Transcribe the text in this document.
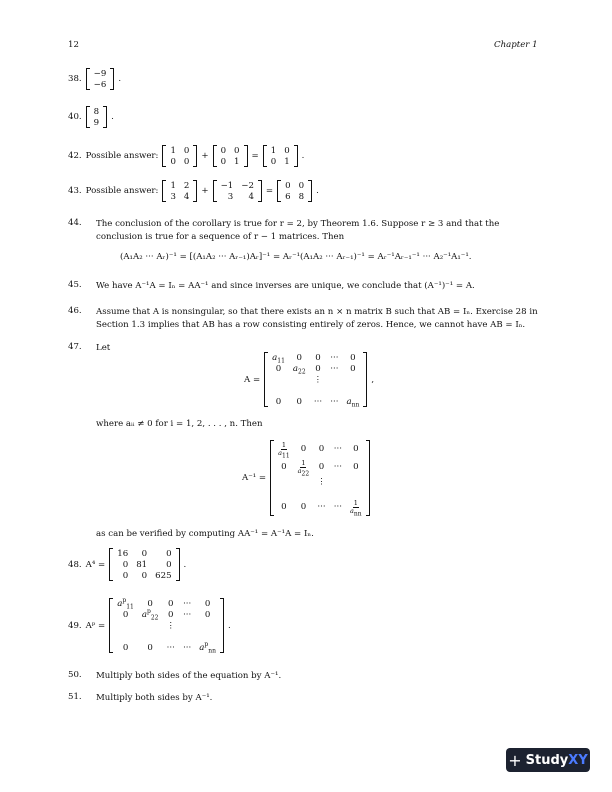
12	Chapter 1
38.
−9
−6
.
40.
8
9
.
42. Possible answer:
1	0
0	0
+
0	0
0	1
=
1	0
0	1
.
43. Possible answer:
1	2
3	4
+
−1	−2
3	4
=
0	0
6	8
.
44. The conclusion of the corollary is true for r = 2, by Theorem 1.6. Suppose r ≥ 3 and that the conclusion is true for a sequence of r − 1 matrices. Then
(A₁A₂ ··· Aᵣ)⁻¹ = [(A₁A₂ ··· Aᵣ₋₁)Aᵣ]⁻¹ = Aᵣ⁻¹(A₁A₂ ··· Aᵣ₋₁)⁻¹ = Aᵣ⁻¹Aᵣ₋₁⁻¹ ··· A₂⁻¹A₁⁻¹.
45. We have A⁻¹A = Iₙ = AA⁻¹ and since inverses are unique, we conclude that (A⁻¹)⁻¹ = A.
46. Assume that A is nonsingular, so that there exists an n × n matrix B such that AB = Iₙ. Exercise 28 in Section 1.3 implies that AB has a row consisting entirely of zeros. Hence, we cannot have AB = Iₙ.
47. Let
A =
$a_{11}$	0	0	···	0
0	$a_{22}$	0	···	0
		⋮		

0	0	···	···	$a_{nn}$
,
where aᵢᵢ ≠ 0 for i = 1, 2, . . . , n. Then
A⁻¹ =
$\frac{1}{a_{11}}$	0	0	···	0
0	$\frac{1}{a_{22}}$	0	···	0
		⋮		

0	0	···	···	$\frac{1}{a_{nn}}$
as can be verified by computing AA⁻¹ = A⁻¹A = Iₙ.
48. A⁴ =
16	0	0
0	81	0
0	0	625
.
49. Aᵖ =
$a^p_{11}$	0	0	···	0
0	$a^p_{22}$	0	···	0
		⋮		

0	0	···	···	$a^p_{nn}$
.
50. Multiply both sides of the equation by A⁻¹.
51. Multiply both sides by A⁻¹.
+ Study XY
